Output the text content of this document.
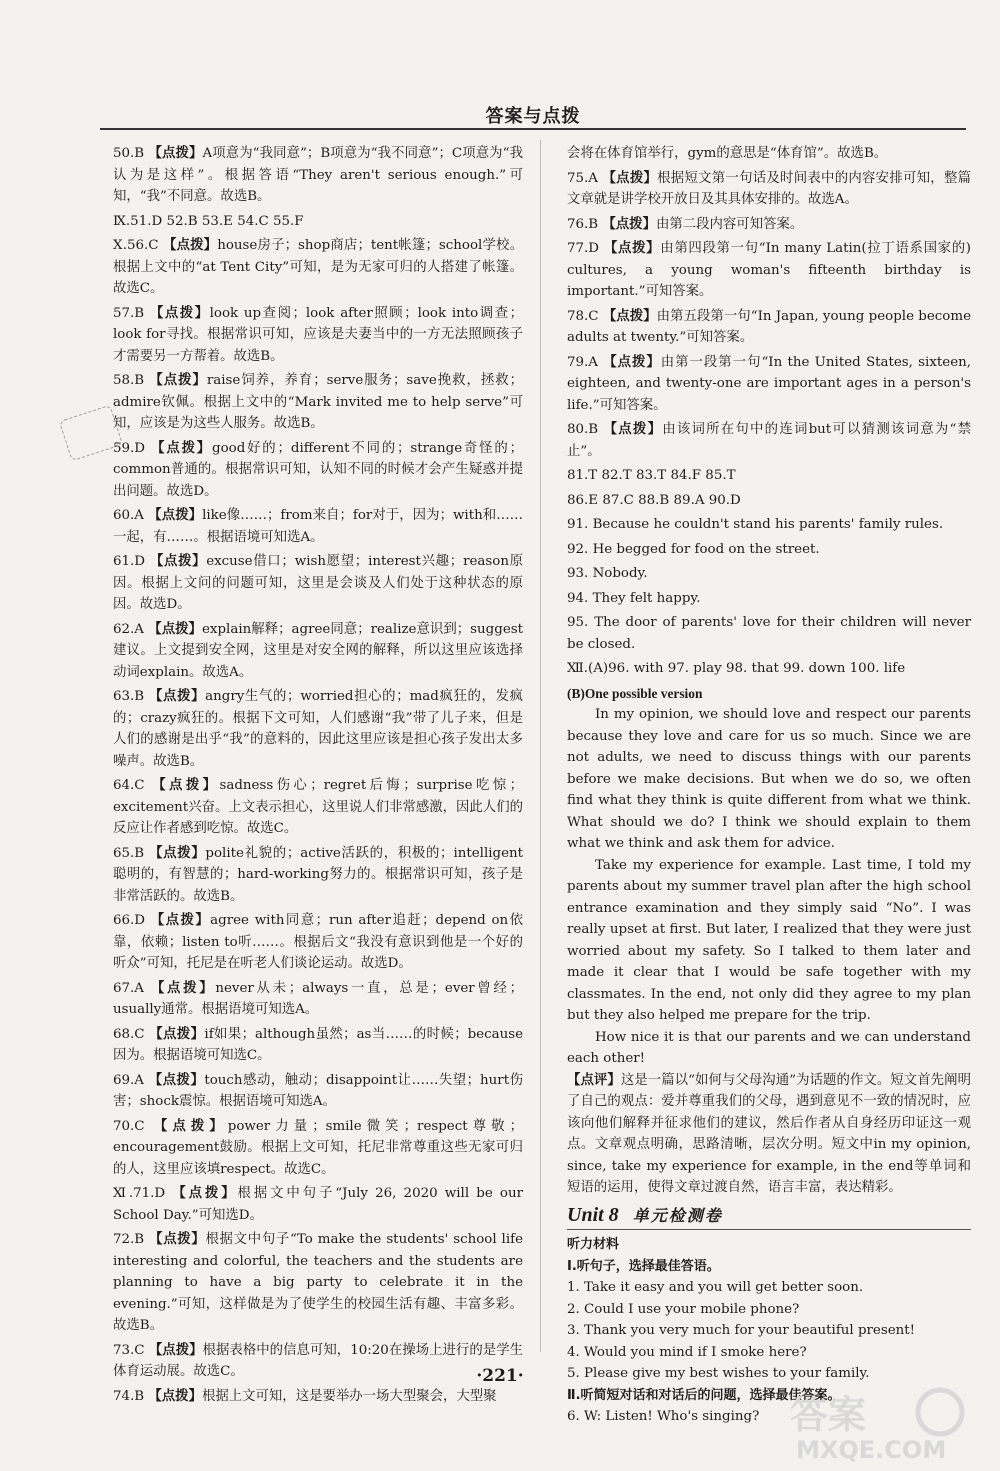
答案与点拨
50.B 【点拨】A项意为“我同意”；B项意为“我不同意”；C项意为“我认为是这样”。根据答语“They aren't serious enough.”可知，“我”不同意。故选B。
Ⅸ.51.D 52.B 53.E 54.C 55.F
Ⅹ.56.C 【点拨】house房子；shop商店；tent帐篷；school学校。根据上文中的“at Tent City”可知，是为无家可归的人搭建了帐篷。故选C。
57.B 【点拨】look up查阅；look after照顾；look into调查；look for寻找。根据常识可知，应该是夫妻当中的一方无法照顾孩子才需要另一方帮着。故选B。
58.B 【点拨】raise饲养，养育；serve服务；save挽救，拯救；admire钦佩。根据上文中的“Mark invited me to help serve”可知，应该是为这些人服务。故选B。
59.D 【点拨】good好的；different不同的；strange奇怪的；common普通的。根据常识可知，认知不同的时候才会产生疑惑并提出问题。故选D。
60.A 【点拨】like像……；from来自；for对于，因为；with和……一起，有……。根据语境可知选A。
61.D 【点拨】excuse借口；wish愿望；interest兴趣；reason原因。根据上文问的问题可知，这里是会谈及人们处于这种状态的原因。故选D。
62.A 【点拨】explain解释；agree同意；realize意识到；suggest建议。上文提到安全网，这里是对安全网的解释，所以这里应该选择动词explain。故选A。
63.B 【点拨】angry生气的；worried担心的；mad疯狂的，发疯的；crazy疯狂的。根据下文可知，人们感谢“我”带了儿子来，但是人们的感谢是出乎“我”的意料的，因此这里应该是担心孩子发出太多噪声。故选B。
64.C 【点拨】sadness伤心；regret后悔；surprise吃惊；excitement兴奋。上文表示担心，这里说人们非常感激，因此人们的反应让作者感到吃惊。故选C。
65.B 【点拨】polite礼貌的；active活跃的，积极的；intelligent聪明的，有智慧的；hard-working努力的。根据常识可知，孩子是非常活跃的。故选B。
66.D 【点拨】agree with同意；run after追赶；depend on依靠，依赖；listen to听……。根据后文“我没有意识到他是一个好的听众”可知，托尼是在听老人们谈论运动。故选D。
67.A 【点拨】never从未；always一直，总是；ever曾经；usually通常。根据语境可知选A。
68.C 【点拨】if如果；although虽然；as当……的时候；because因为。根据语境可知选C。
69.A 【点拨】touch感动，触动；disappoint让……失望；hurt伤害；shock震惊。根据语境可知选A。
70.C 【点拨】power力量；smile微笑；respect尊敬；encouragement鼓励。根据上文可知，托尼非常尊重这些无家可归的人，这里应该填respect。故选C。
Ⅺ.71.D 【点拨】根据文中句子“July 26, 2020 will be our School Day.”可知选D。
72.B 【点拨】根据文中句子“To make the students' school life interesting and colorful, the teachers and the students are planning to have a big party to celebrate it in the evening.”可知，这样做是为了使学生的校园生活有趣、丰富多彩。故选B。
73.C 【点拨】根据表格中的信息可知，10:20在操场上进行的是学生体育运动展。故选C。
74.B 【点拨】根据上文可知，这是要举办一场大型聚会，大型聚
会将在体育馆举行，gym的意思是“体育馆”。故选B。
75.A 【点拨】根据短文第一句话及时间表中的内容安排可知，整篇文章就是讲学校开放日及其具体安排的。故选A。
76.B 【点拨】由第二段内容可知答案。
77.D 【点拨】由第四段第一句“In many Latin(拉丁语系国家的) cultures, a young woman's fifteenth birthday is important.”可知答案。
78.C 【点拨】由第五段第一句“In Japan, young people become adults at twenty.”可知答案。
79.A 【点拨】由第一段第一句“In the United States, sixteen, eighteen, and twenty-one are important ages in a person's life.”可知答案。
80.B 【点拨】由该词所在句中的连词but可以猜测该词意为“禁止”。
81.T 82.T 83.T 84.F 85.T
86.E 87.C 88.B 89.A 90.D
91. Because he couldn't stand his parents' family rules.
92. He begged for food on the street.
93. Nobody.
94. They felt happy.
95. The door of parents' love for their children will never be closed.
Ⅻ.(A)96. with 97. play 98. that 99. down 100. life

(B)One possible version

In my opinion, we should love and respect our parents because they love and care for us so much. Since we are not adults, we need to discuss things with our parents before we make decisions. But when we do so, we often find what they think is quite different from what we think. What should we do? I think we should explain to them what we think and ask them for advice.

Take my experience for example. Last time, I told my parents about my summer travel plan after the high school entrance examination and they simply said “No”. I was really upset at first. But later, I realized that they were just worried about my safety. So I talked to them later and made it clear that I would be safe together with my classmates. In the end, not only did they agree to my plan but they also helped me prepare for the trip.

How nice it is that our parents and we can understand each other!

【点评】这是一篇以“如何与父母沟通”为话题的作文。短文首先阐明了自己的观点：爱并尊重我们的父母，遇到意见不一致的情况时，应该向他们解释并征求他们的建议，然后作者从自身经历印证这一观点。文章观点明确，思路清晰，层次分明。短文中in my opinion, since, take my experience for example, in the end等单词和短语的运用，使得文章过渡自然，语言丰富，表达精彩。
Unit 8 单元检测卷
听力材料
Ⅰ.听句子，选择最佳答语。
1. Take it easy and you will get better soon.
2. Could I use your mobile phone?
3. Thank you very much for your beautiful present!
4. Would you mind if I smoke here?
5. Please give my best wishes to your family.
Ⅱ.听简短对话和对话后的问题，选择最佳答案。
6. W: Listen! Who's singing?
·221·
答案
MXQE.COM
